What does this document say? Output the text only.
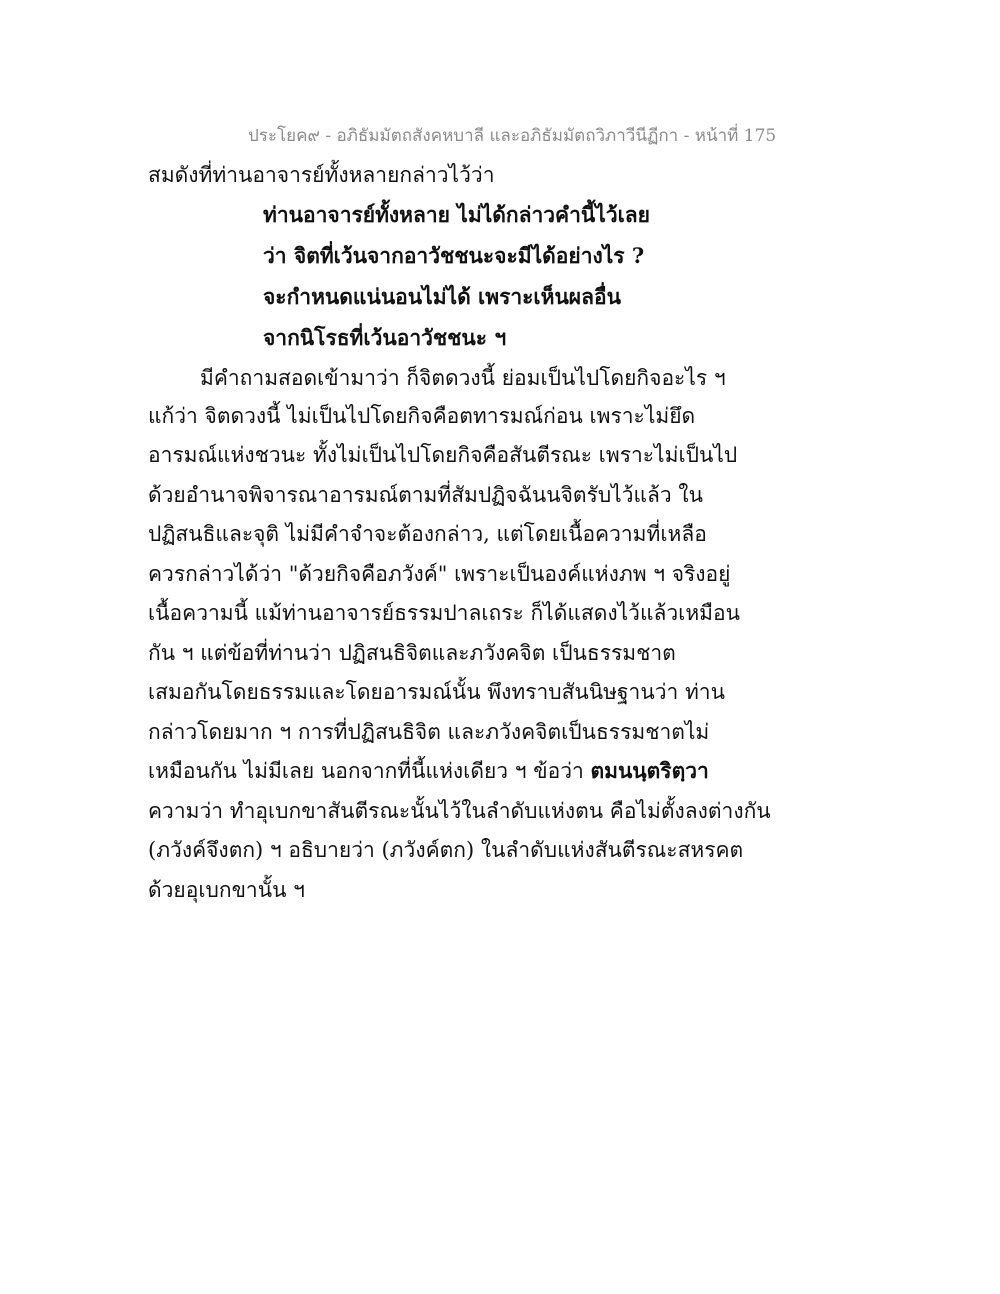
ประโยค๙ - อภิธัมมัตถสังคหบาลี และอภิธัมมัตถวิภาวีนีฏีกา - หน้าที่ 175
สมดังที่ท่านอาจารย์ทั้งหลายกล่าวไว้ว่า
ท่านอาจารย์ทั้งหลาย ไม่ได้กล่าวคำนี้ไว้เลย
ว่า จิตที่เว้นจากอาวัชชนะจะมีได้อย่างไร ?
จะกำหนดแน่นอนไม่ได้ เพราะเห็นผลอื่น
จากนิโรธที่เว้นอาวัชชนะ ฯ
มีคำถามสอดเข้ามาว่า ก็จิตดวงนี้ ย่อมเป็นไปโดยกิจอะไร ฯ
แก้ว่า จิตดวงนี้ ไม่เป็นไปโดยกิจคือตทารมณ์ก่อน เพราะไม่ยึด
อารมณ์แห่งชวนะ ทั้งไม่เป็นไปโดยกิจคือสันตีรณะ เพราะไม่เป็นไป
ด้วยอำนาจพิจารณาอารมณ์ตามที่สัมปฏิจฉันนจิตรับไว้แล้ว ใน
ปฏิสนธิและจุติ ไม่มีคำจำจะต้องกล่าว, แต่โดยเนื้อความที่เหลือ
ควรกล่าวได้ว่า "ด้วยกิจคือภวังค์" เพราะเป็นองค์แห่งภพ ฯ จริงอยู่
เนื้อความนี้ แม้ท่านอาจารย์ธรรมปาลเถระ ก็ได้แสดงไว้แล้วเหมือน
กัน ฯ แต่ข้อที่ท่านว่า ปฏิสนธิจิตและภวังคจิต เป็นธรรมชาต
เสมอกันโดยธรรมและโดยอารมณ์นั้น พึงทราบสันนิษฐานว่า ท่าน
กล่าวโดยมาก ฯ การที่ปฏิสนธิจิต และภวังคจิตเป็นธรรมชาตไม่
เหมือนกัน ไม่มีเลย นอกจากที่นี้แห่งเดียว ฯ ข้อว่า ตมนนฺตริตฺวา
ความว่า ทำอุเบกขาสันตีรณะนั้นไว้ในลำดับแห่งตน คือไม่ตั้งลงต่างกัน
(ภวังค์จึงตก) ฯ อธิบายว่า (ภวังค์ตก) ในลำดับแห่งสันตีรณะสหรคต
ด้วยอุเบกขานั้น ฯ
